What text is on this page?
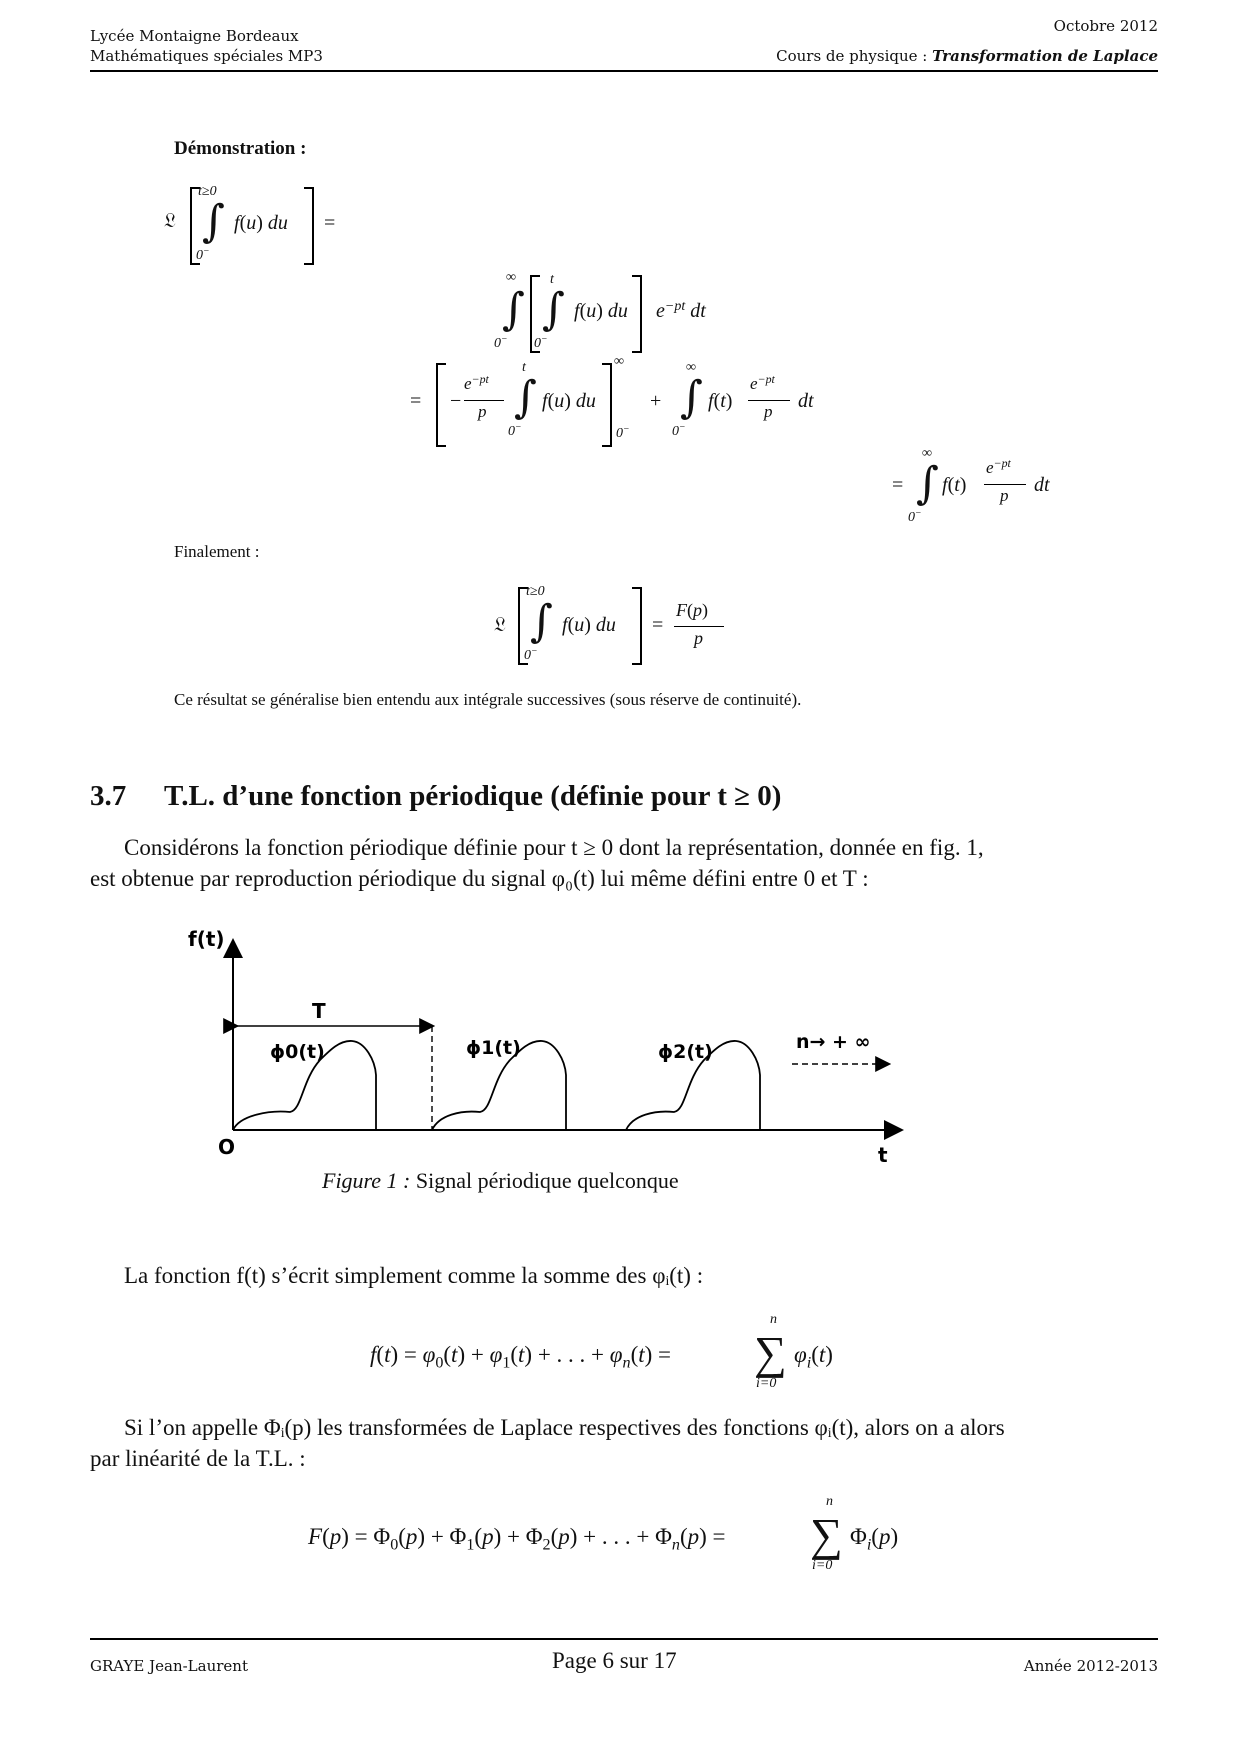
Lycée Montaigne Bordeaux
Mathématiques spéciales MP3
Octobre 2012
Cours de physique : Transformation de Laplace
Démonstration :
𝔏
t≥0
∫
0−
f(u) du =
∞
∫
0−
t
∫
0−
f(u) du $e^{-pt}$ dt
= −
$e^{-pt}$
p
t
∫
0−
f(u) du
∞
0−
+
∞
∫
0−
f(t)
$e^{-pt}$
p dt
=
∞
∫
0−
f(t)
$e^{-pt}$
p dt
Finalement :
𝔏
t≥0
∫
0−
f(u) du =
F(p)
p
Ce résultat se généralise bien entendu aux intégrale successives (sous réserve de continuité).
3.7 T.L. d’une fonction périodique (définie pour t ≥ 0)
Considérons la fonction périodique définie pour t ≥ 0 dont la représentation, donnée en fig. 1,
est obtenue par reproduction périodique du signal φ₀(t) lui même défini entre 0 et T :
f(t)
t
O
T
ϕ0(t)	ϕ1(t)	ϕ2(t)	n→ + ∞
Figure 1 : Signal périodique quelconque
La fonction f(t) s’écrit simplement comme la somme des φᵢ(t) :
$f(t) = \varphi_0(t) + \varphi_1(t)$ + . . . + $\varphi_n(t)$ =
n
∑
i=0
$\varphi_i(t)$
Si l’on appelle Φᵢ(p) les transformées de Laplace respectives des fonctions φᵢ(t), alors on a alors
par linéarité de la T.L. :
$F(p) = \Phi_0(p) + \Phi_1(p) + \Phi_2(p)$ + . . . + $\Phi_n(p)$ =
n
∑
i=0
$\Phi_i(p)$
GRAYE Jean-Laurent	Page 6 sur 17	Année 2012-2013
